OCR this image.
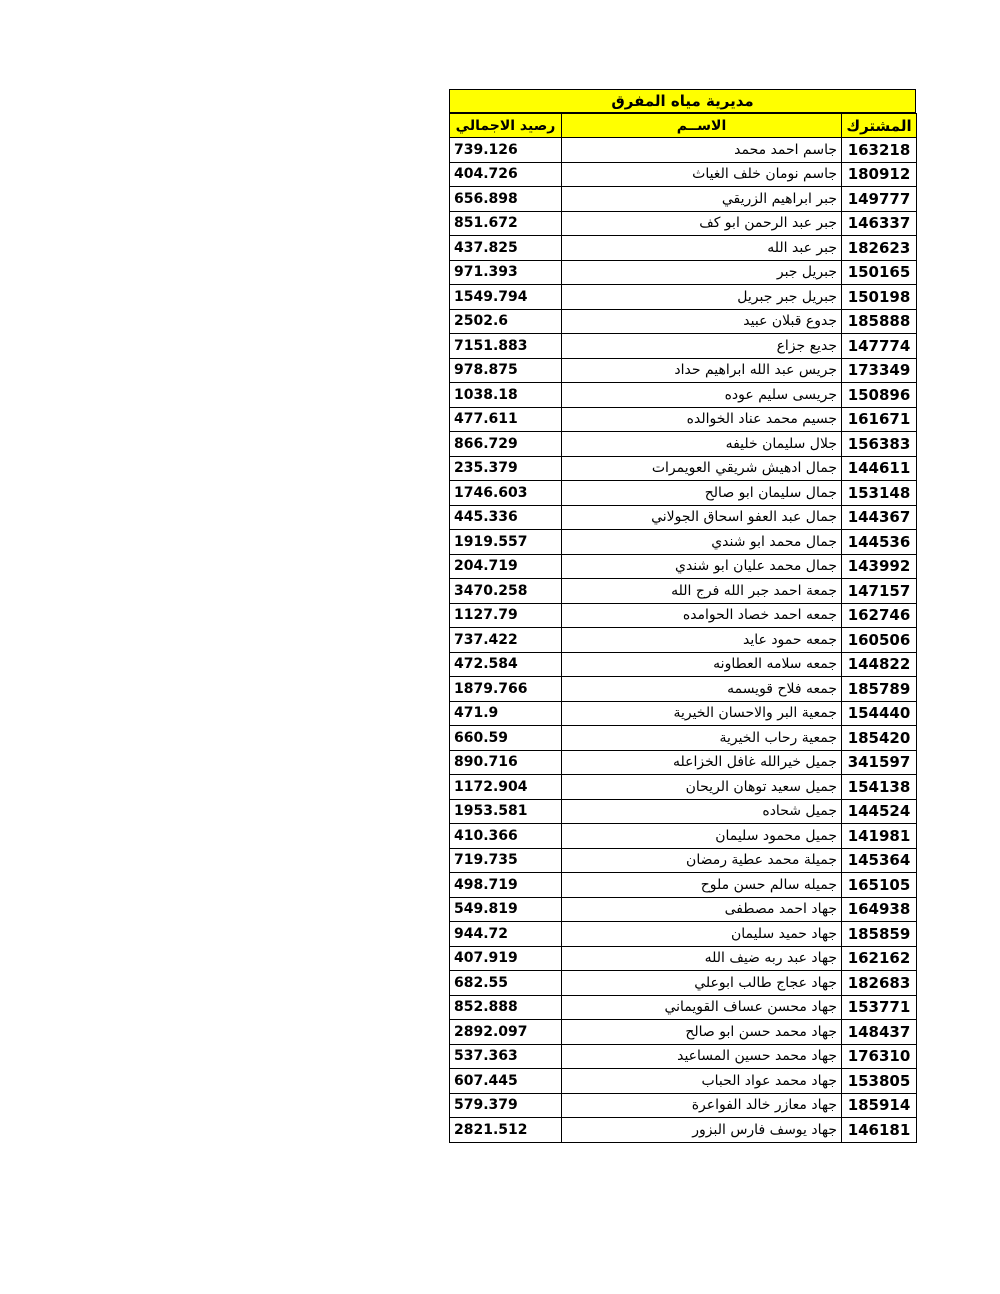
مديرية مياه المفرق
المشترك	الاســم	رصيد الاجمالي
163218	جاسم احمد محمد	739.126
180912	جاسم نومان خلف الغياث	404.726
149777	جبر ابراهيم الزريقي	656.898
146337	جبر عبد الرحمن ابو كف	851.672
182623	جبر عبد الله	437.825
150165	جبريل جبر	971.393
150198	جبريل جبر جبريل	1549.794
185888	جدوع قبلان عبيد	2502.6
147774	جديع جزاع	7151.883
173349	جريس عبد الله ابراهيم حداد	978.875
150896	جريسى سليم عوده	1038.18
161671	جسيم محمد عناد الخوالده	477.611
156383	جلال سليمان خليفه	866.729
144611	جمال ادهيش شريقي العويمرات	235.379
153148	جمال سليمان ابو صالح	1746.603
144367	جمال عبد العفو اسحاق الجولاني	445.336
144536	جمال محمد ابو شندي	1919.557
143992	جمال محمد عليان ابو شندي	204.719
147157	جمعة احمد جبر الله فرج الله	3470.258
162746	جمعه احمد خصاد الحوامده	1127.79
160506	جمعه حمود عايد	737.422
144822	جمعه سلامه العطاونه	472.584
185789	جمعه فلاح قويسمه	1879.766
154440	جمعية البر والاحسان الخيرية	471.9
185420	جمعية رحاب الخيرية	660.59
341597	جميل خيرالله غافل الخزاعله	890.716
154138	جميل سعيد توهان الريحان	1172.904
144524	جميل شحاده	1953.581
141981	جميل محمود سليمان	410.366
145364	جميلة محمد عطية رمضان	719.735
165105	جميله سالم حسن ملوح	498.719
164938	جهاد احمد مصطفى	549.819
185859	جهاد حميد سليمان	944.72
162162	جهاد عبد ربه ضيف الله	407.919
182683	جهاد عجاج طالب ابوعلي	682.55
153771	جهاد محسن عساف القويماني	852.888
148437	جهاد محمد حسن ابو صالح	2892.097
176310	جهاد محمد حسين المساعيد	537.363
153805	جهاد محمد عواد الحباب	607.445
185914	جهاد معازر خالد الفواعرة	579.379
146181	جهاد يوسف فارس البزور	2821.512
